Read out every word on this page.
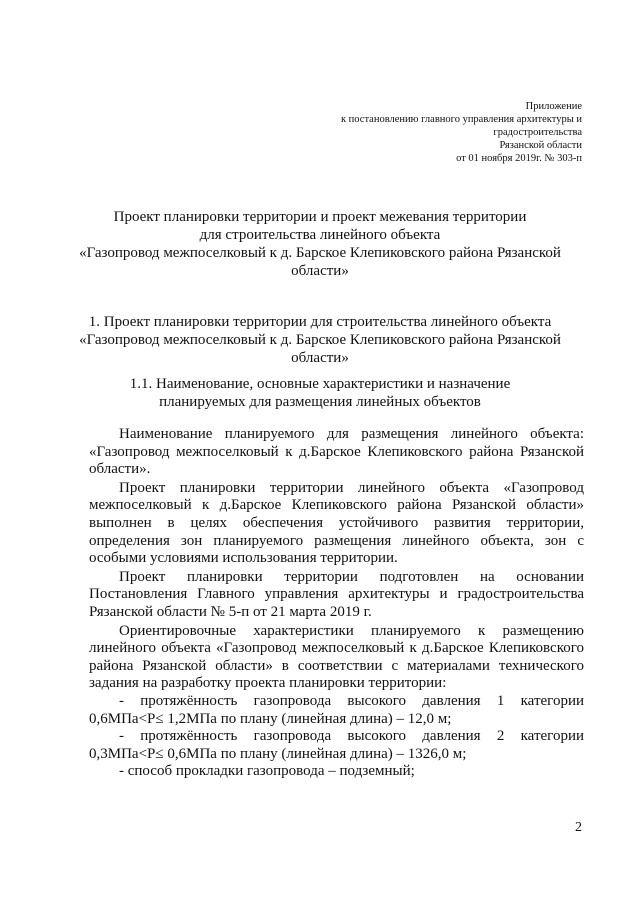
Приложение
к постановлению главного управления архитектуры и
градостроительства
Рязанской области
от 01 ноября 2019г. № 303-п
Проект планировки территории и проект межевания территории
для строительства линейного объекта
«Газопровод межпоселковый к д. Барское Клепиковского района Рязанской
области»
1. Проект планировки территории для строительства линейного объекта
«Газопровод межпоселковый к д. Барское Клепиковского района Рязанской
области»
1.1. Наименование, основные характеристики и назначение
планируемых для размещения линейных объектов

Наименование планируемого для размещения линейного объекта: «Газопровод межпоселковый к д.Барское Клепиковского района Рязанской области».

Проект планировки территории линейного объекта «Газопровод межпоселковый к д.Барское Клепиковского района Рязанской области» выполнен в целях обеспечения устойчивого развития территории, определения зон планируемого размещения линейного объекта, зон с особыми условиями использования территории.

Проект планировки территории подготовлен на основании Постановления Главного управления архитектуры и градостроительства Рязанской области № 5-п от 21 марта 2019 г.

Ориентировочные характеристики планируемого к размещению линейного объекта «Газопровод межпоселковый к д.Барское Клепиковского района Рязанской области» в соответствии с материалами технического задания на разработку проекта планировки территории:

- протяжённость газопровода высокого давления 1 категории 0,6МПа<P≤ 1,2МПа по плану (линейная длина) – 12,0 м;

- протяжённость газопровода высокого давления 2 категории 0,3МПа<P≤ 0,6МПа по плану (линейная длина) – 1326,0 м;

- способ прокладки газопровода – подземный;

2
